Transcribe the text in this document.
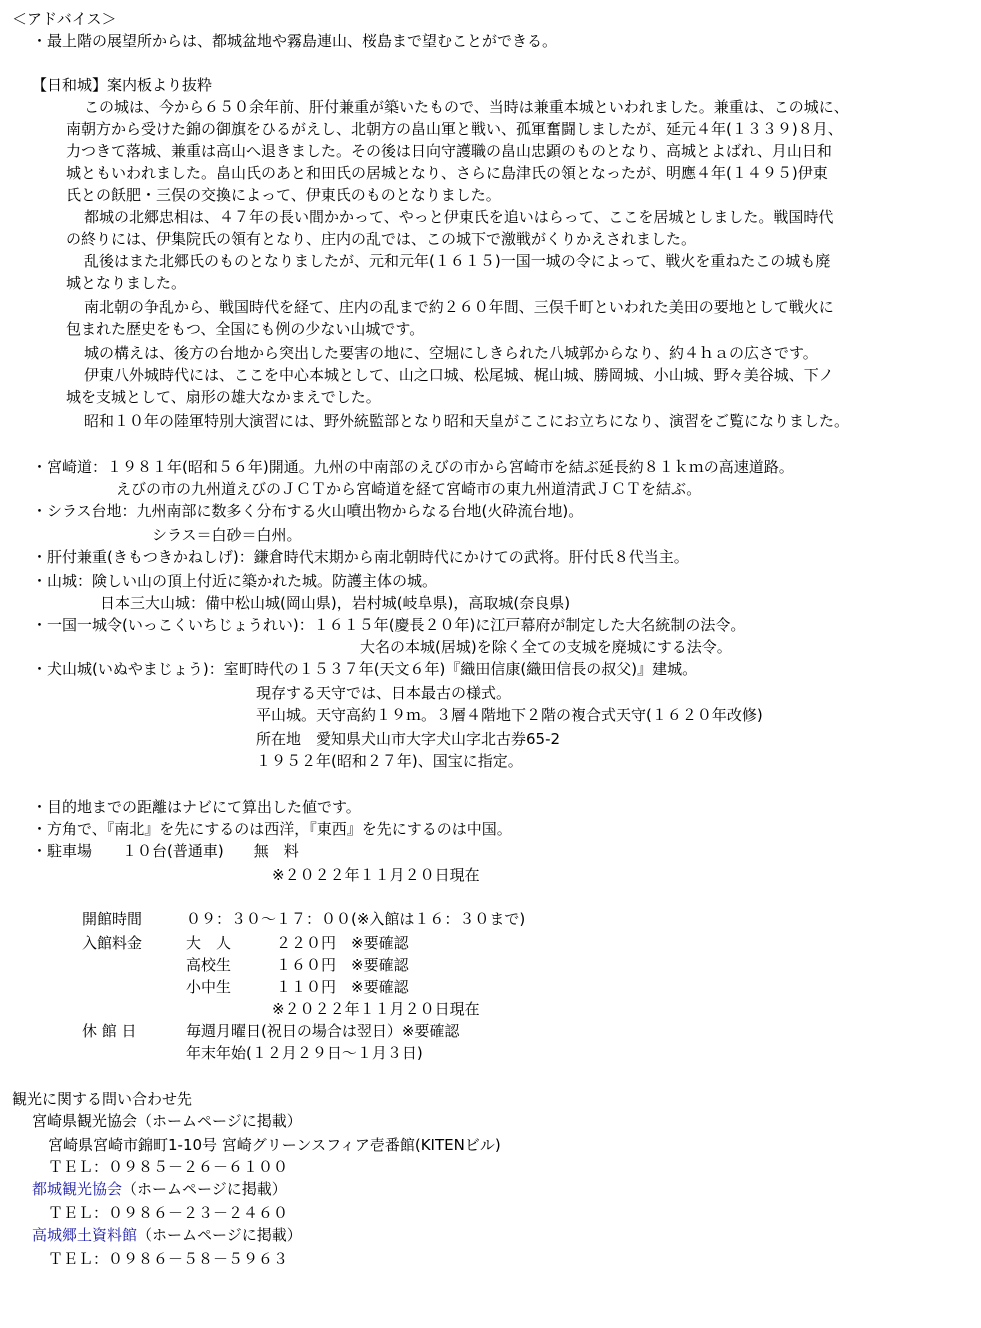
＜アドバイス＞
・最上階の展望所からは、都城盆地や霧島連山、桜島まで望むことができる。
【日和城】案内板より抜粋
この城は、今から６５０余年前、肝付兼重が築いたもので、当時は兼重本城といわれました。兼重は、この城に、
南朝方から受けた錦の御旗をひるがえし、北朝方の畠山軍と戦い、孤軍奮闘しましたが、延元４年(１３３９)８月、
力つきて落城、兼重は高山へ退きました。その後は日向守護職の畠山忠顕のものとなり、高城とよばれ、月山日和
城ともいわれました。畠山氏のあと和田氏の居城となり、さらに島津氏の領となったが、明應４年(１４９５)伊東
氏との飫肥・三俣の交換によって、伊東氏のものとなりました。
都城の北郷忠相は、４７年の長い間かかって、やっと伊東氏を追いはらって、ここを居城としました。戦国時代
の終りには、伊集院氏の領有となり、庄内の乱では、この城下で激戦がくりかえされました。
乱後はまた北郷氏のものとなりましたが、元和元年(１６１５)一国一城の令によって、戦火を重ねたこの城も廃
城となりました。
南北朝の争乱から、戦国時代を経て、庄内の乱まで約２６０年間、三俣千町といわれた美田の要地として戦火に
包まれた歴史をもつ、全国にも例の少ない山城です。
城の構えは、後方の台地から突出した要害の地に、空堀にしきられた八城郭からなり、約４ｈａの広さです。
伊東八外城時代には、ここを中心本城として、山之口城、松尾城、梶山城、勝岡城、小山城、野々美谷城、下ノ
城を支城として、扇形の雄大なかまえでした。
昭和１０年の陸軍特別大演習には、野外統監部となり昭和天皇がここにお立ちになり、演習をご覧になりました。
・宮崎道：１９８１年(昭和５６年)開通。九州の中南部のえびの市から宮崎市を結ぶ延長約８１ｋｍの高速道路。
えびの市の九州道えびのＪＣＴから宮崎道を経て宮崎市の東九州道清武ＪＣＴを結ぶ。
・シラス台地：九州南部に数多く分布する火山噴出物からなる台地(火砕流台地)。
シラス＝白砂＝白州。
・肝付兼重(きもつきかねしげ)：鎌倉時代末期から南北朝時代にかけての武将。肝付氏８代当主。
・山城：険しい山の頂上付近に築かれた城。防護主体の城。
日本三大山城：備中松山城(岡山県)，岩村城(岐阜県)，高取城(奈良県)
・一国一城令(いっこくいちじょうれい)：１６１５年(慶長２０年)に江戸幕府が制定した大名統制の法令。
大名の本城(居城)を除く全ての支城を廃城にする法令。
・犬山城(いぬやまじょう)：室町時代の１５３７年(天文６年)『織田信康(織田信長の叔父)』建城。
現存する天守では、日本最古の様式。
平山城。天守高約１９ｍ。３層４階地下２階の複合式天守(１６２０年改修)
所在地　愛知県犬山市大字犬山字北古券65-2
１９５２年(昭和２７年)、国宝に指定。
・目的地までの距離はナビにて算出した値です。
・方角で、『南北』を先にするのは西洋，『東西』を先にするのは中国。
・駐車場　　１０台(普通車)　　無　料
※２０２２年１１月２０日現在
開館時間	０９：３０～１７：００(※入館は１６：３０まで)
入館料金	大　人　　　２２０円　※要確認
高校生　　　１６０円　※要確認
小中生　　　１１０円　※要確認
※２０２２年１１月２０日現在
休 館 日	毎週月曜日(祝日の場合は翌日）※要確認
年末年始(１２月２９日～１月３日)
観光に関する問い合わせ先
宮崎県観光協会（ホームページに掲載）
宮崎県宮崎市錦町1-10号 宮崎グリーンスフィア壱番館(KITENビル)
ＴＥＬ：０９８５－２６－６１００
都城観光協会（ホームページに掲載）
ＴＥＬ：０９８６－２３－２４６０
高城郷土資料館（ホームページに掲載）
ＴＥＬ：０９８６－５８－５９６３
